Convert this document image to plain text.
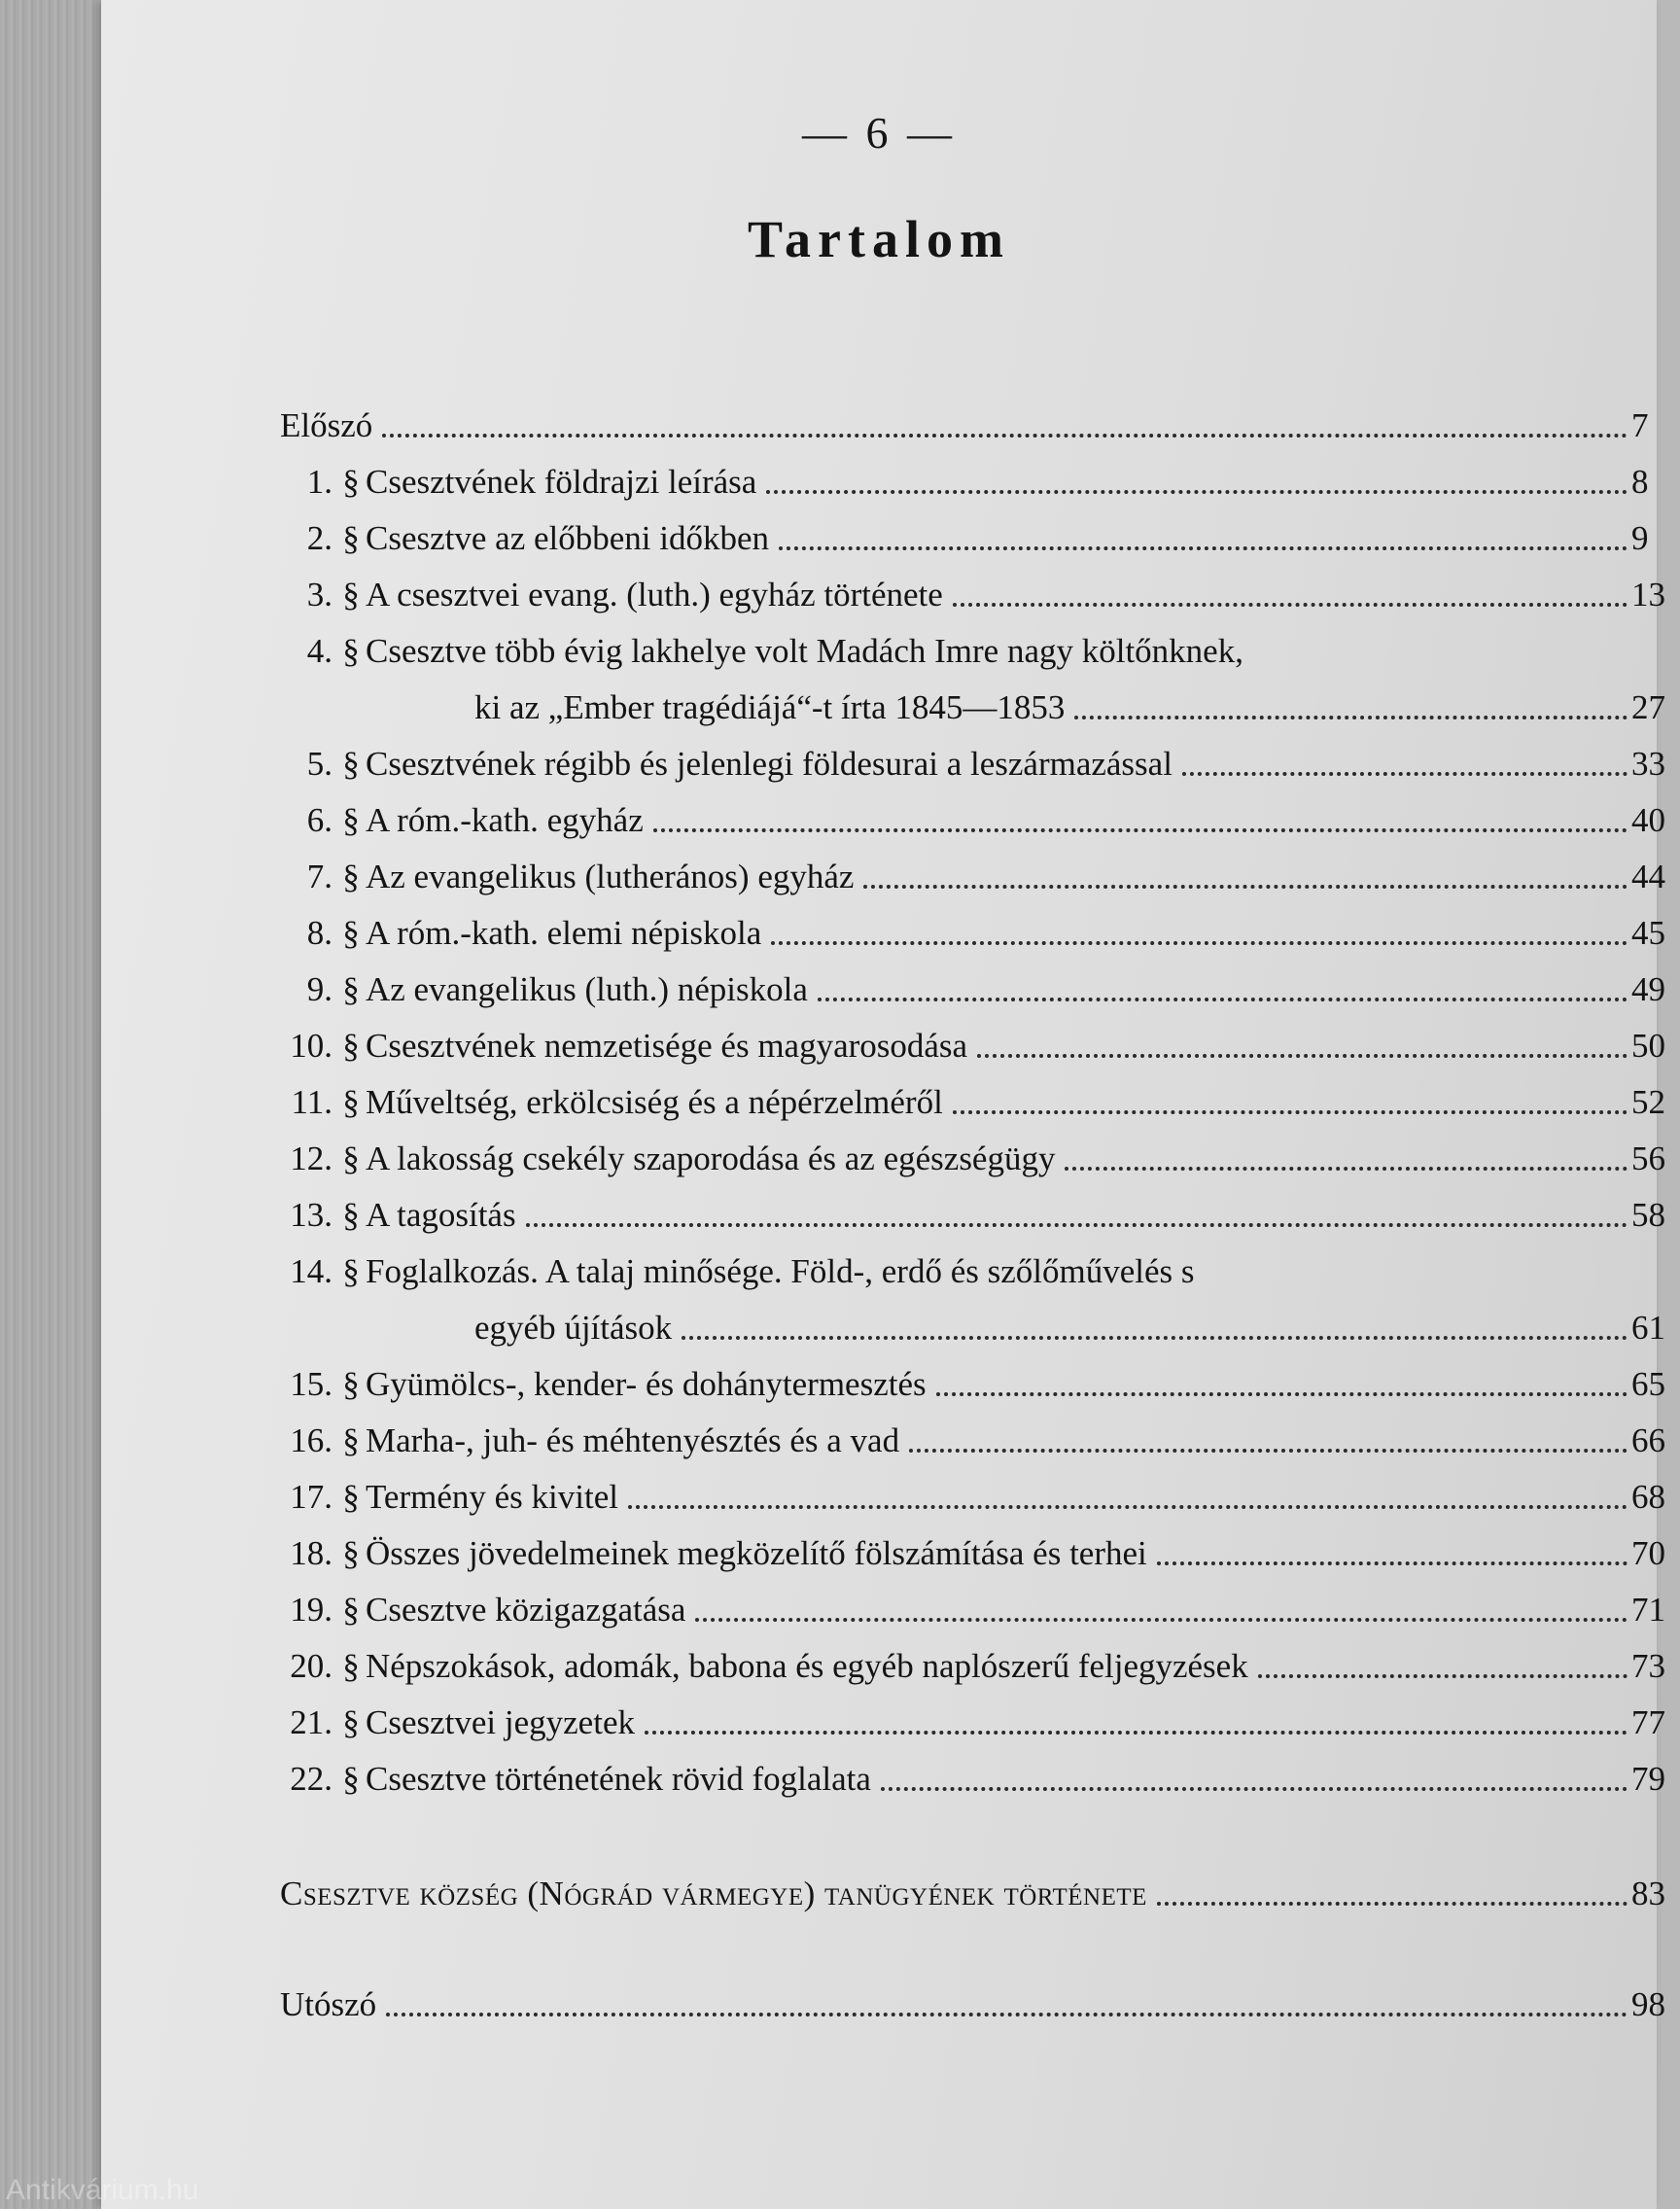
— 6 —
Tartalom
Előszó	7
1. § Csesztvének földrajzi leírása	8
2. § Csesztve az előbbeni időkben	9
3. § A csesztvei evang. (luth.) egyház története	13
4. § Csesztve több évig lakhelye volt Madách Imre nagy költőnknek,
ki az „Ember tragédiájá“-t írta 1845—1853	27
5. § Csesztvének régibb és jelenlegi földesurai a leszármazással	33
6. § A róm.-kath. egyház	40
7. § Az evangelikus (lutherános) egyház	44
8. § A róm.-kath. elemi népiskola	45
9. § Az evangelikus (luth.) népiskola	49
10. § Csesztvének nemzetisége és magyarosodása	50
11. § Műveltség, erkölcsiség és a népérzelméről	52
12. § A lakosság csekély szaporodása és az egészségügy	56
13. § A tagosítás	58
14. § Foglalkozás. A talaj minősége. Föld-, erdő és szőlőművelés s
egyéb újítások	61
15. § Gyümölcs-, kender- és dohánytermesztés	65
16. § Marha-, juh- és méhtenyésztés és a vad	66
17. § Termény és kivitel	68
18. § Összes jövedelmeinek megközelítő fölszámítása és terhei	70
19. § Csesztve közigazgatása	71
20. § Népszokások, adomák, babona és egyéb naplószerű feljegyzések	73
21. § Csesztvei jegyzetek	77
22. § Csesztve történetének rövid foglalata	79
Csesztve község (Nógrád vármegye) tanügyének története	83
Utószó	98
Antikvárium.hu
